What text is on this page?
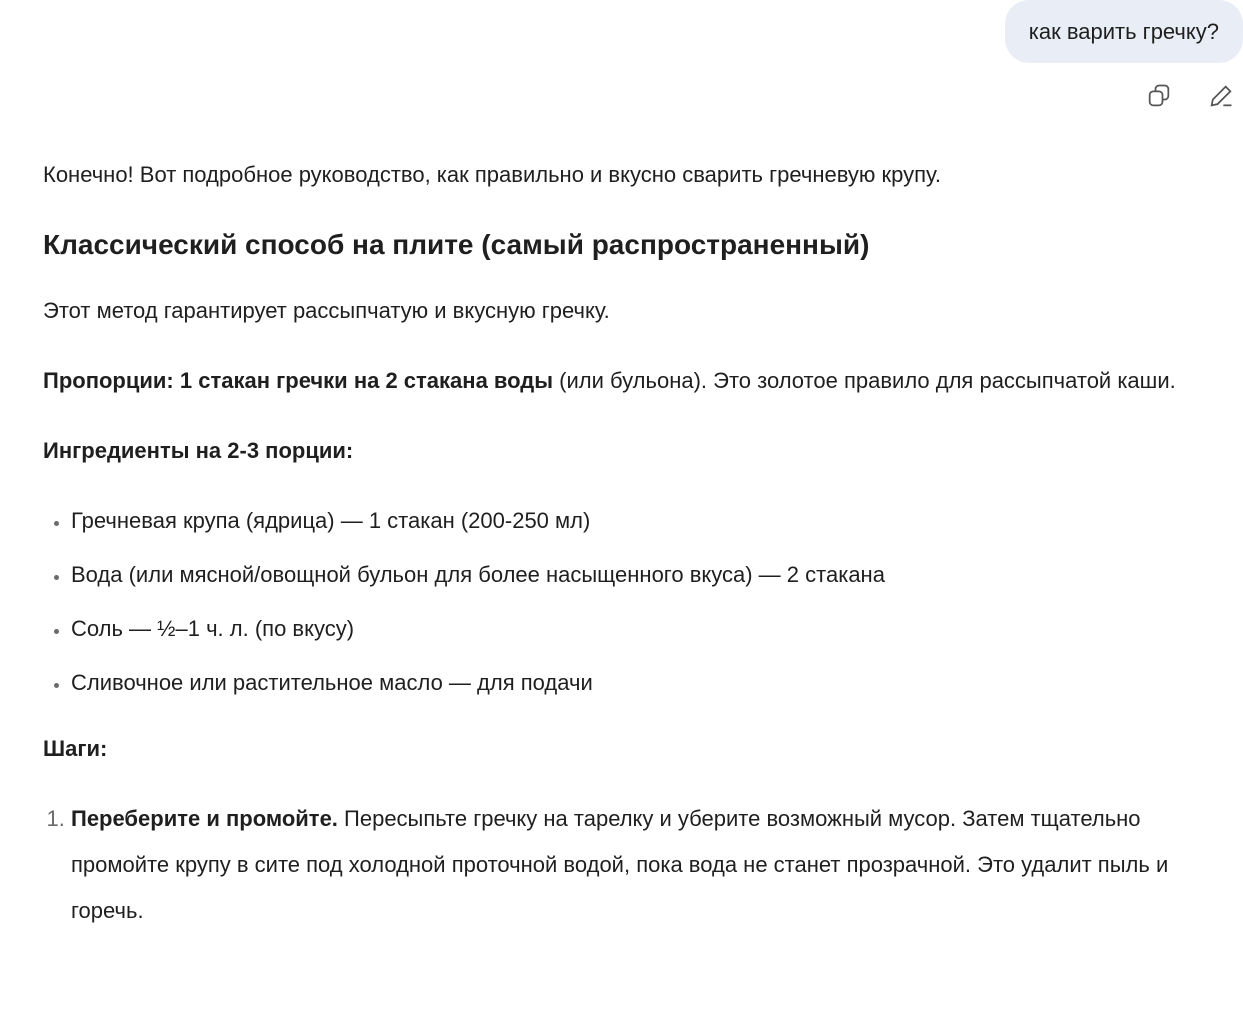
как варить гречку?

Конечно! Вот подробное руководство, как правильно и вкусно сварить гречневую крупу.

Классический способ на плите (самый распространенный)

Этот метод гарантирует рассыпчатую и вкусную гречку.

Пропорции: 1 стакан гречки на 2 стакана воды (или бульона). Это золотое правило для рассыпчатой каши.

Ингредиенты на 2-3 порции:

• Гречневая крупа (ядрица) — 1 стакан (200-250 мл)
• Вода (или мясной/овощной бульон для более насыщенного вкуса) — 2 стакана
• Соль — ½–1 ч. л. (по вкусу)
• Сливочное или растительное масло — для подачи

Шаги:

1. Переберите и промойте. Пересыпьте гречку на тарелку и уберите возможный мусор. Затем тщательно промойте крупу в сите под холодной проточной водой, пока вода не станет прозрачной. Это удалит пыль и горечь.
